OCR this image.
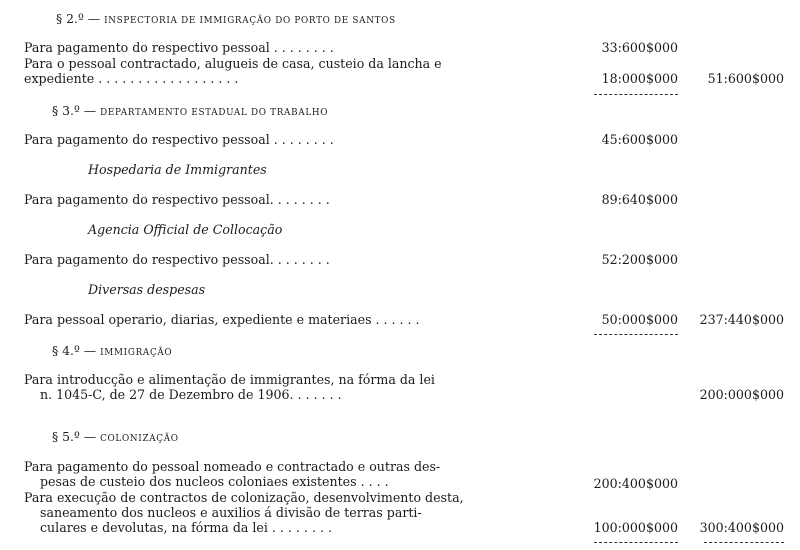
§ 2.º — INSPECTORIA DE IMMIGRAÇÃO DO PORTO DE SANTOS
Para pagamento do respectivo pessoal . . . . . . . .	33:600$000
Para o pessoal contractado, alugueis de casa, custeio da lancha e
expediente . . . . . . . . . . . . . . . . . .	18:000$000 51:600$000
§ 3.º — DEPARTAMENTO ESTADUAL DO TRABALHO
Para pagamento do respectivo pessoal . . . . . . . .	45:600$000
Hospedaria de Immigrantes
Para pagamento do respectivo pessoal. . . . . . . .	89:640$000
Agencia Official de Collocação
Para pagamento do respectivo pessoal. . . . . . . .	52:200$000
Diversas despesas
Para pessoal operario, diarias, expediente e materiaes . . . . . .	50:000$000 237:440$000
§ 4.º — IMMIGRAÇÃO
Para introducção e alimentação de immigrantes, na fórma da lei
n. 1045-C, de 27 de Dezembro de 1906. . . . . . .	200:000$000
§ 5.º — COLONIZAÇÃO
Para pagamento do pessoal nomeado e contractado e outras des-
pesas de custeio dos nucleos coloniaes existentes . . . .	200:400$000
Para execução de contractos de colonização, desenvolvimento desta,
saneamento dos nucleos e auxilios á divisão de terras parti-
culares e devolutas, na fórma da lei . . . . . . . .	100:000$000 300:400$000
